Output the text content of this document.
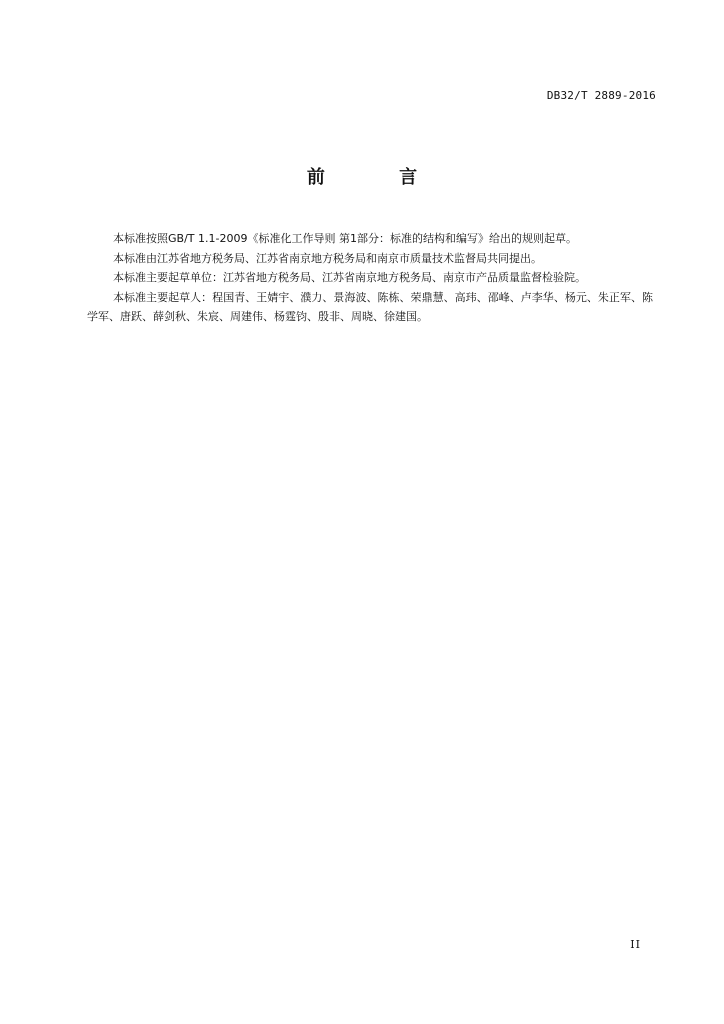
DB32/T 2889-2016
前 言

本标准按照GB/T 1.1-2009《标准化工作导则 第1部分：标准的结构和编写》给出的规则起草。

本标准由江苏省地方税务局、江苏省南京地方税务局和南京市质量技术监督局共同提出。

本标准主要起草单位：江苏省地方税务局、江苏省南京地方税务局、南京市产品质量监督检验院。

本标准主要起草人：程国青、王婧宇、濮力、景海波、陈栋、荣鼎慧、高玮、邵峰、卢李华、杨元、朱正军、陈学军、唐跃、薛剑秋、朱宸、周建伟、杨霆钧、殷非、周晓、徐建国。

II
